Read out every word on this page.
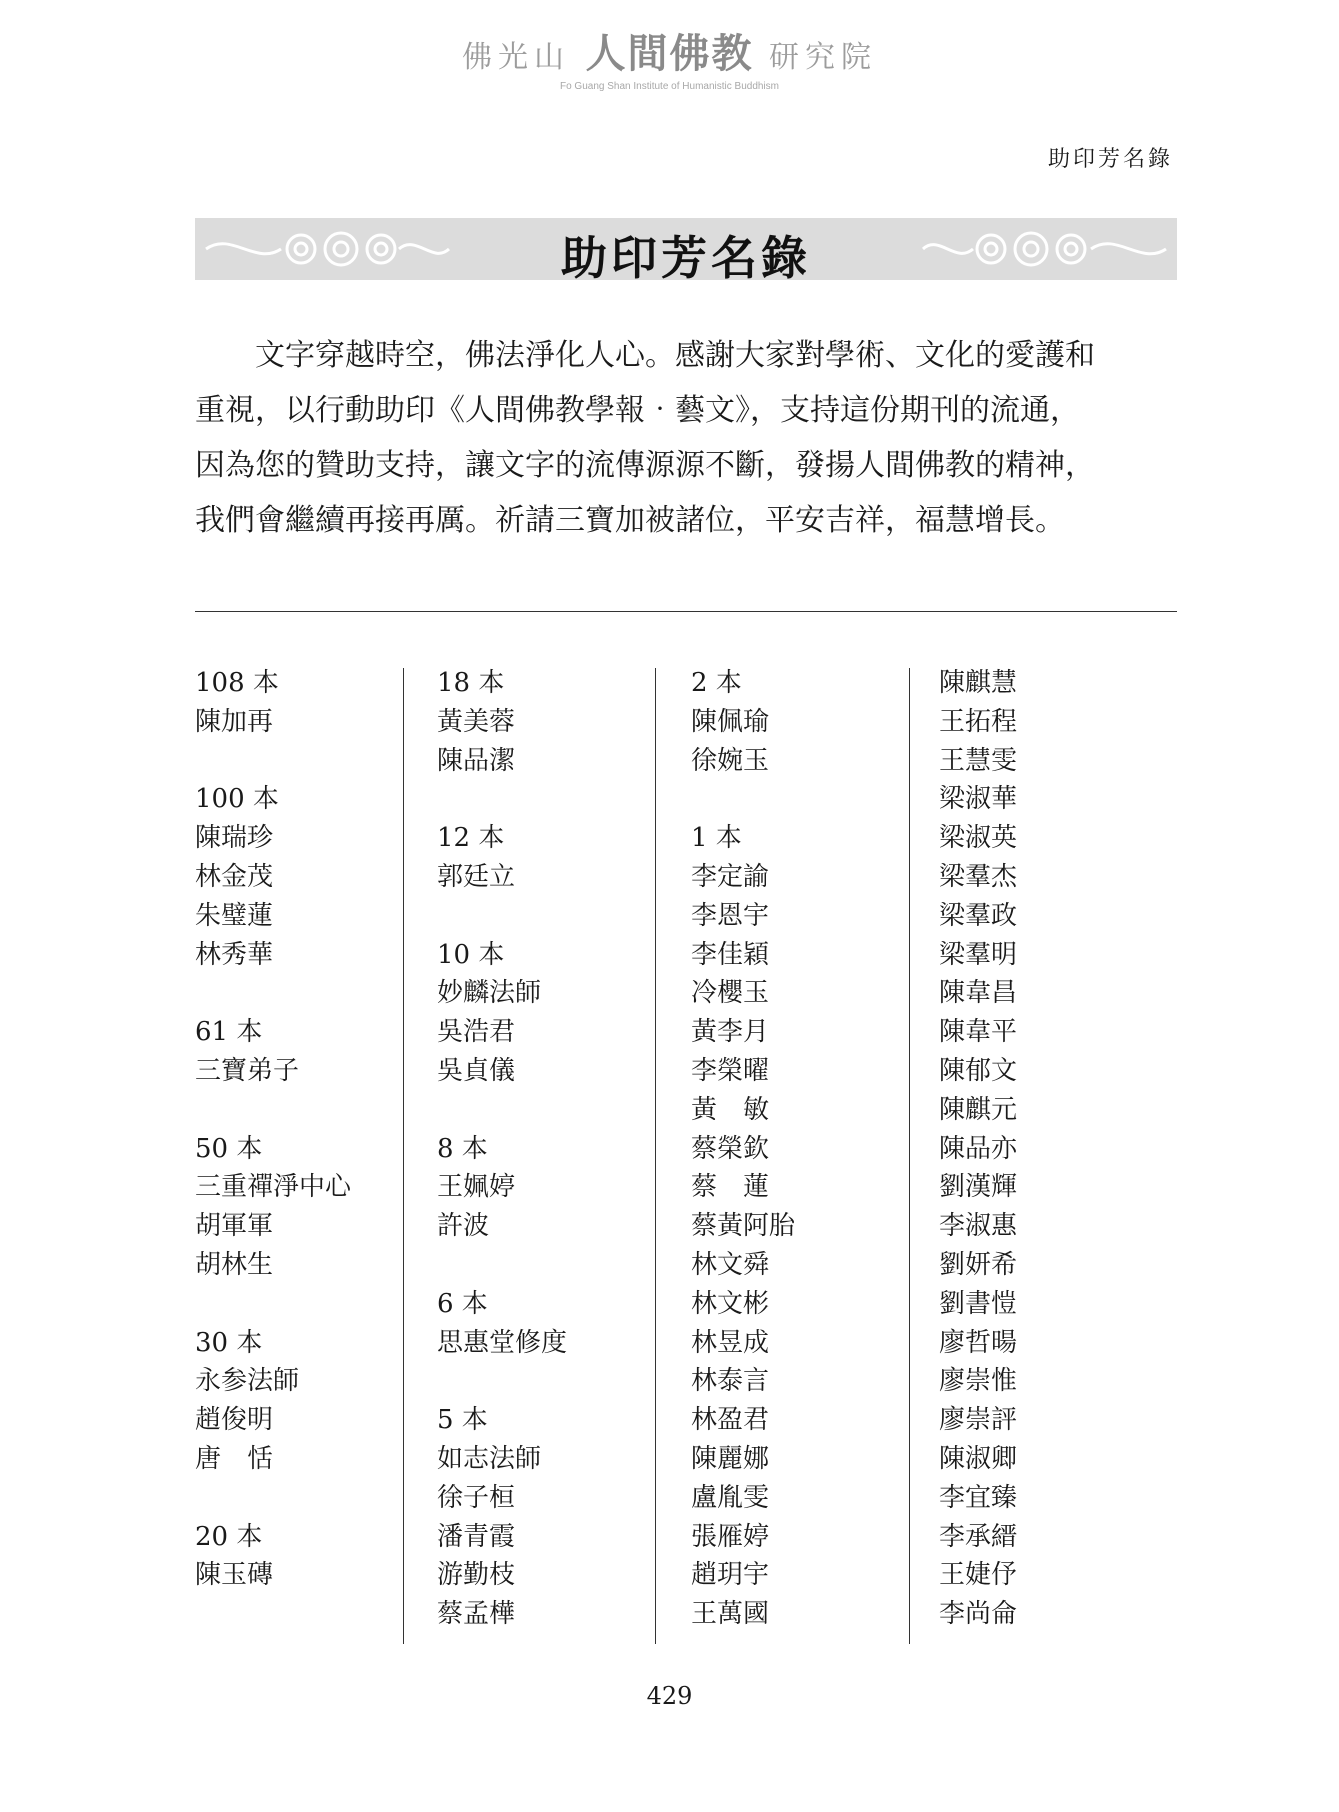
佛光山 人間佛教 研究院
Fo Guang Shan Institute of Humanistic Buddhism
助印芳名錄
助印芳名錄

文字穿越時空，佛法淨化人心。感謝大家對學術、文化的愛護和

重視，以行動助印《人間佛教學報‧藝文》，支持這份期刊的流通，

因為您的贊助支持，讓文字的流傳源源不斷，發揚人間佛教的精神，

我們會繼續再接再厲。祈請三寶加被諸位，平安吉祥，福慧增長。

108 本
陳加再
100 本
陳瑞珍
林金茂
朱璧蓮
林秀華
61 本
三寶弟子
50 本
三重禪淨中心
胡軍軍
胡林生
30 本
永参法師
趙俊明
唐　恬
20 本
陳玉磚
18 本
黃美蓉
陳品潔
12 本
郭廷立
10 本
妙麟法師
吳浩君
吳貞儀
8 本
王姵婷
許波
6 本
思惠堂修度
5 本
如志法師
徐子桓
潘青霞
游勤枝
蔡孟樺
2 本
陳佩瑜
徐婉玉
1 本
李定諭
李恩宇
李佳穎
冷櫻玉
黃李月
李榮曜
黃　敏
蔡榮欽
蔡　蓮
蔡黃阿胎
林文舜
林文彬
林昱成
林泰言
林盈君
陳麗娜
盧胤雯
張雁婷
趙玥宇
王萬國
陳麒慧
王拓程
王慧雯
梁淑華
梁淑英
梁羣杰
梁羣政
梁羣明
陳韋昌
陳韋平
陳郁文
陳麒元
陳品亦
劉漢輝
李淑惠
劉妍希
劉書愷
廖哲暘
廖崇惟
廖崇評
陳淑卿
李宜臻
李承縉
王婕伃
李尚侖
429
